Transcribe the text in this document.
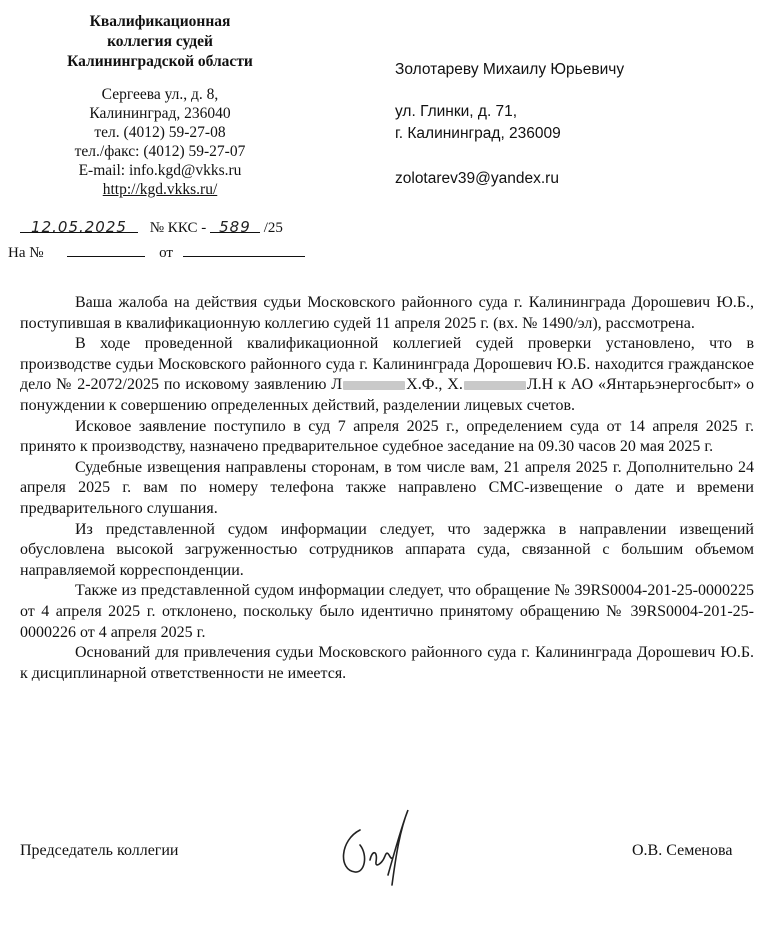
Квалификационная
коллегия судей
Калининградской области
Сергеева ул., д. 8,
Калининград, 236040
тел. (4012) 59-27-08
тел./факс: (4012) 59-27-07
E-mail: info.kgd@vkks.ru
http://kgd.vkks.ru/
Золотареву Михаилу Юрьевичу
ул. Глинки, д. 71,
г. Калининград, 236009
zolotarev39@yandex.ru
12.05.2025 № ККС - 589 /25
На №	от

Ваша жалоба на действия судьи Московского районного суда г. Калининграда Дорошевич Ю.Б., поступившая в квалификационную коллегию судей 11 апреля 2025 г. (вх. № 1490/эл), рассмотрена.

В ходе проведенной квалификационной коллегией судей проверки установлено, что в производстве судьи Московского районного суда г. Калининграда Дорошевич Ю.Б. находится гражданское дело № 2-2072/2025 по исковому заявлению Л	Х.Ф., Х.	Л.Н к АО «Янтарьэнергосбыт» о понуждении к совершению определенных действий, разделении лицевых счетов.

Исковое заявление поступило в суд 7 апреля 2025 г., определением суда от 14 апреля 2025 г. принято к производству, назначено предварительное судебное заседание на 09.30 часов 20 мая 2025 г.

Судебные извещения направлены сторонам, в том числе вам, 21 апреля 2025 г. Дополнительно 24 апреля 2025 г. вам по номеру телефона также направлено СМС-извещение о дате и времени предварительного слушания.

Из представленной судом информации следует, что задержка в направлении извещений обусловлена высокой загруженностью сотрудников аппарата суда, связанной с большим объемом направляемой корреспонденции.

Также из представленной судом информации следует, что обращение № 39RS0004-201-25-0000225 от 4 апреля 2025 г. отклонено, поскольку было идентично принятому обращению № 39RS0004-201-25-0000226 от 4 апреля 2025 г.

Оснований для привлечения судьи Московского районного суда г. Калининграда Дорошевич Ю.Б. к дисциплинарной ответственности не имеется.

Председатель коллегии	О.В. Семенова
